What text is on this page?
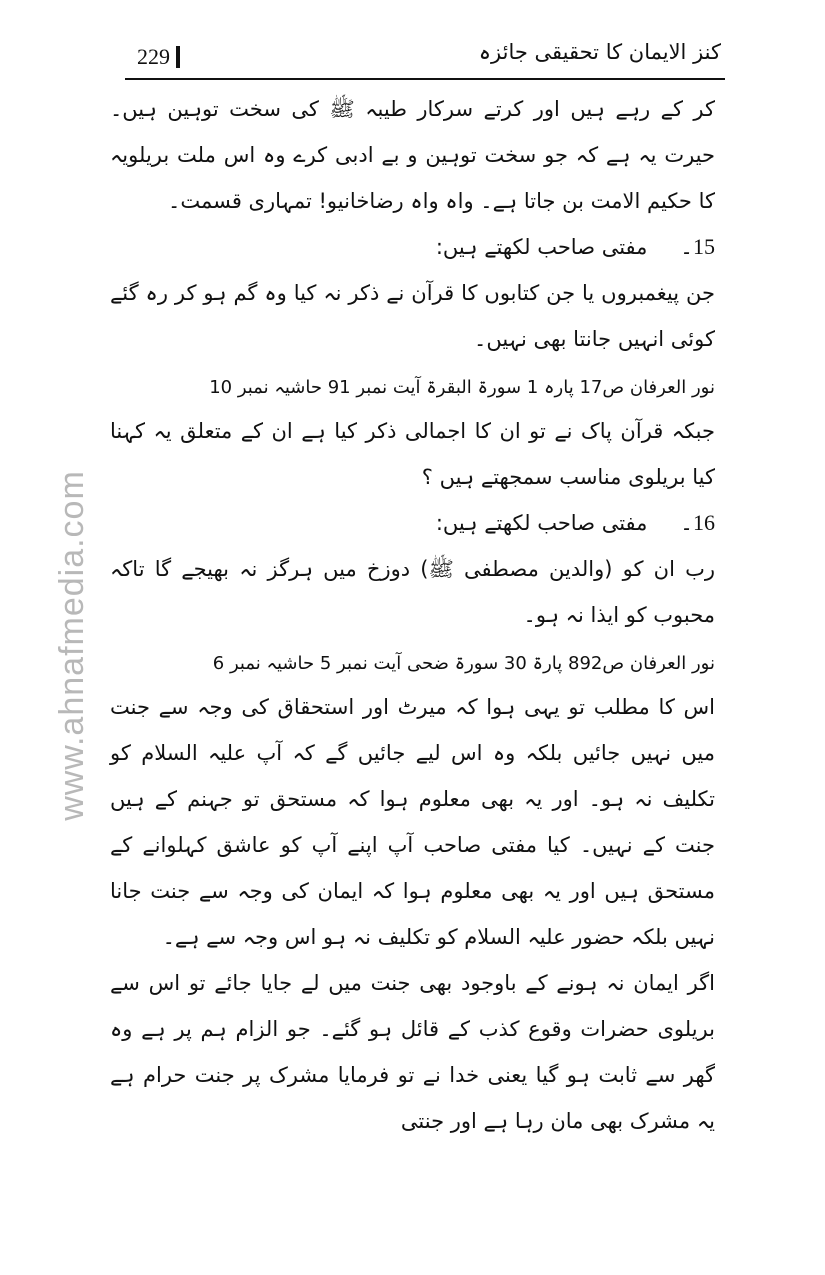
www.ahnafmedia.com
229	کنز الایمان کا تحقیقی جائزہ

کر کے رہے ہیں اور کرتے سرکار طیبہ ﷺ کی سخت توہین ہیں۔ حیرت یہ ہے کہ جو سخت توہین و بے ادبی کرے وہ اس ملت بریلویہ کا حکیم الامت بن جاتا ہے۔ واہ واہ رضاخانیو! تمہاری قسمت۔

15۔ مفتی صاحب لکھتے ہیں:

جن پیغمبروں یا جن کتابوں کا قرآن نے ذکر نہ کیا وہ گم ہو کر رہ گئے کوئی انہیں جانتا بھی نہیں۔

نور العرفان ص17 پارہ 1 سورۃ البقرۃ آیت نمبر 91 حاشیہ نمبر 10

جبکہ قرآن پاک نے تو ان کا اجمالی ذکر کیا ہے ان کے متعلق یہ کہنا کیا بریلوی مناسب سمجھتے ہیں ؟

16۔ مفتی صاحب لکھتے ہیں:

رب ان کو (والدین مصطفی ﷺ) دوزخ میں ہرگز نہ بھیجے گا تاکہ محبوب کو ایذا نہ ہو۔

نور العرفان ص892 پارۃ 30 سورۃ ضحی آیت نمبر 5 حاشیہ نمبر 6

اس کا مطلب تو یہی ہوا کہ میرٹ اور استحقاق کی وجہ سے جنت میں نہیں جائیں بلکہ وہ اس لیے جائیں گے کہ آپ علیہ السلام کو تکلیف نہ ہو۔ اور یہ بھی معلوم ہوا کہ مستحق تو جہنم کے ہیں جنت کے نہیں۔ کیا مفتی صاحب آپ اپنے آپ کو عاشق کہلوانے کے مستحق ہیں اور یہ بھی معلوم ہوا کہ ایمان کی وجہ سے جنت جانا نہیں بلکہ حضور علیہ السلام کو تکلیف نہ ہو اس وجہ سے ہے۔

اگر ایمان نہ ہونے کے باوجود بھی جنت میں لے جایا جائے تو اس سے بریلوی حضرات وقوع کذب کے قائل ہو گئے۔ جو الزام ہم پر ہے وہ گھر سے ثابت ہو گیا یعنی خدا نے تو فرمایا مشرک پر جنت حرام ہے یہ مشرک بھی مان رہا ہے اور جنتی
